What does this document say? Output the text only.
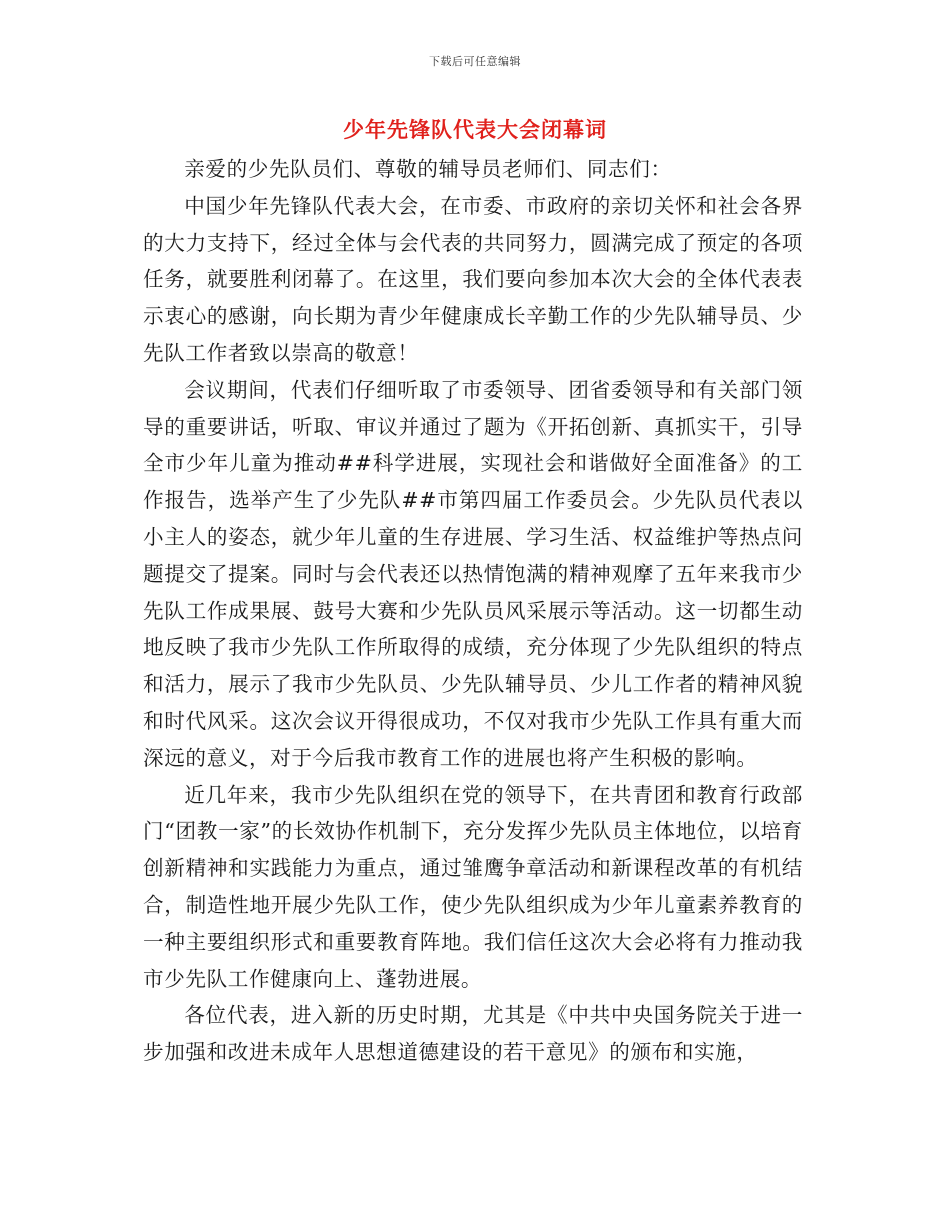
下载后可任意编辑
少年先锋队代表大会闭幕词

亲爱的少先队员们、尊敬的辅导员老师们、同志们：

中国少年先锋队代表大会，在市委、市政府的亲切关怀和社会各界的大力支持下，经过全体与会代表的共同努力，圆满完成了预定的各项任务，就要胜利闭幕了。在这里，我们要向参加本次大会的全体代表表示衷心的感谢，向长期为青少年健康成长辛勤工作的少先队辅导员、少先队工作者致以崇高的敬意！

会议期间，代表们仔细听取了市委领导、团省委领导和有关部门领导的重要讲话，听取、审议并通过了题为《开拓创新、真抓实干，引导全市少年儿童为推动##科学进展，实现社会和谐做好全面准备》的工作报告，选举产生了少先队##市第四届工作委员会。少先队员代表以小主人的姿态，就少年儿童的生存进展、学习生活、权益维护等热点问题提交了提案。同时与会代表还以热情饱满的精神观摩了五年来我市少先队工作成果展、鼓号大赛和少先队员风采展示等活动。这一切都生动地反映了我市少先队工作所取得的成绩，充分体现了少先队组织的特点和活力，展示了我市少先队员、少先队辅导员、少儿工作者的精神风貌和时代风采。这次会议开得很成功，不仅对我市少先队工作具有重大而深远的意义，对于今后我市教育工作的进展也将产生积极的影响。

近几年来，我市少先队组织在党的领导下，在共青团和教育行政部门“团教一家”的长效协作机制下，充分发挥少先队员主体地位，以培育创新精神和实践能力为重点，通过雏鹰争章活动和新课程改革的有机结合，制造性地开展少先队工作，使少先队组织成为少年儿童素养教育的一种主要组织形式和重要教育阵地。我们信任这次大会必将有力推动我市少先队工作健康向上、蓬勃进展。

各位代表，进入新的历史时期，尤其是《中共中央国务院关于进一步加强和改进未成年人思想道德建设的若干意见》的颁布和实施，
